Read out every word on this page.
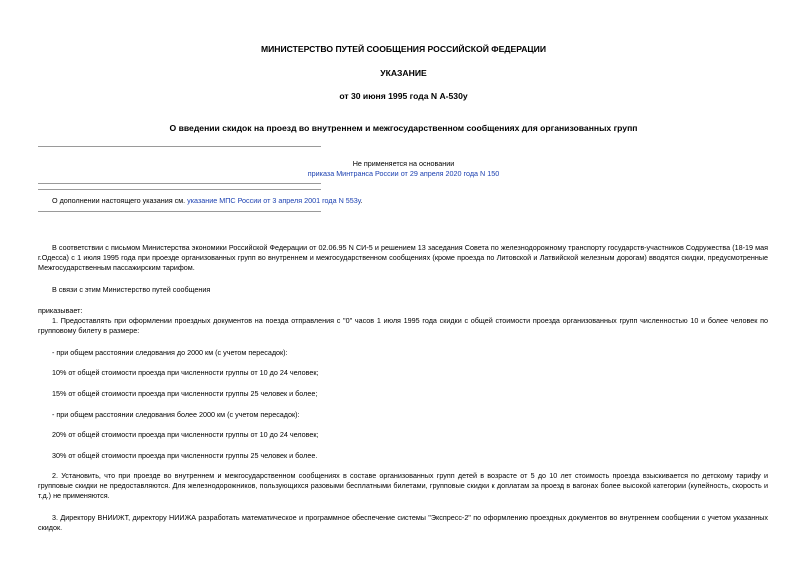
МИНИСТЕРСТВО ПУТЕЙ СООБЩЕНИЯ РОССИЙСКОЙ ФЕДЕРАЦИИ
УКАЗАНИЕ
от 30 июня 1995 года N А-530у
О введении скидок на проезд во внутреннем и межгосударственном сообщениях для организованных групп
Не применяется на основании
приказа Минтранса России от 29 апреля 2020 года N 150
О дополнении настоящего указания см. указание МПС России от 3 апреля 2001 года N 553у.
В соответствии с письмом Министерства экономики Российской Федерации от 02.06.95 N СИ-5 и решением 13 заседания Совета по железнодорожному транспорту государств-участников Содружества (18-19 мая г.Одесса) с 1 июля 1995 года при проезде организованных групп во внутреннем и межгосударственном сообщениях (кроме проезда по Литовской и Латвийской железным дорогам) вводятся скидки, предусмотренные Межгосударственным пассажирским тарифом.
В связи с этим Министерство путей сообщения
приказывает:
1. Предоставлять при оформлении проездных документов на поезда отправления с "0" часов 1 июля 1995 года скидки с общей стоимости проезда организованных групп численностью 10 и более человек по групповому билету в размере:
- при общем расстоянии следования до 2000 км (с учетом пересадок):
10% от общей стоимости проезда при численности группы от 10 до 24 человек;
15% от общей стоимости проезда при численности группы 25 человек и более;
- при общем расстоянии следования более 2000 км (с учетом пересадок):
20% от общей стоимости проезда при численности группы от 10 до 24 человек;
30% от общей стоимости проезда при численности группы 25 человек и более.
2. Установить, что при проезде во внутреннем и межгосударственном сообщениях в составе организованных групп детей в возрасте от 5 до 10 лет стоимость проезда взыскивается по детскому тарифу и групповые скидки не предоставляются. Для железнодорожников, пользующихся разовыми бесплатными билетами, групповые скидки к доплатам за проезд в вагонах более высокой категории (купейность, скорость и т.д.) не применяются.
3. Директору ВНИИЖТ, директору НИИЖА разработать математическое и программное обеспечение системы "Экспресс-2" по оформлению проездных документов во внутреннем сообщении с учетом указанных скидок.
